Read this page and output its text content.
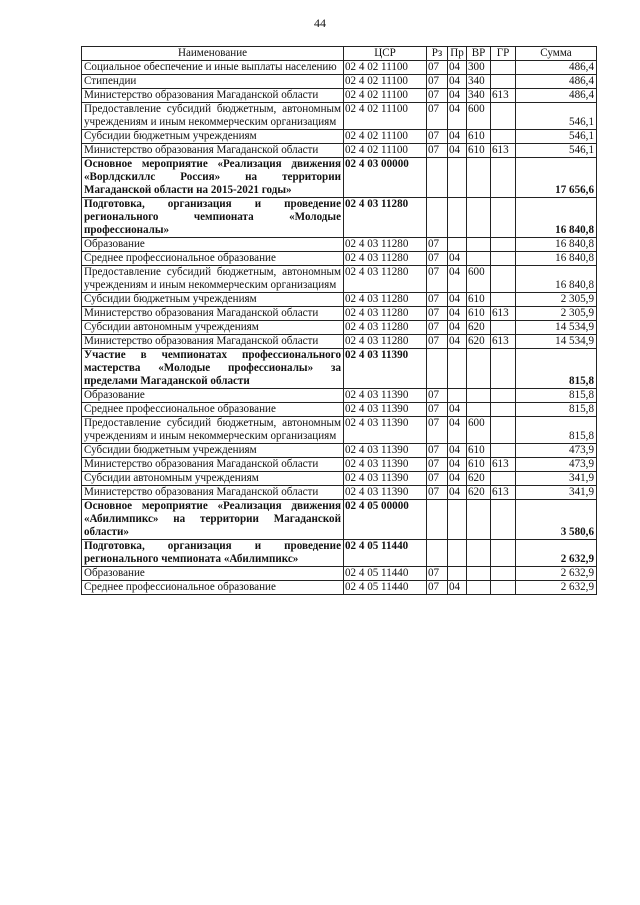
44
Наименование	ЦСР	Рз	Пр	ВР	ГР	Сумма
Социальное обеспечение и иные выплаты населению	02 4 02 11100	07	04	300		486,4
Стипендии	02 4 02 11100	07	04	340		486,4
Министерство образования Магаданской области	02 4 02 11100	07	04	340	613	486,4
Предоставление субсидий бюджетным, автономным учреждениям и иным некоммерческим организациям	02 4 02 11100	07	04	600		546,1
Субсидии бюджетным учреждениям	02 4 02 11100	07	04	610		546,1
Министерство образования Магаданской области	02 4 02 11100	07	04	610	613	546,1
Основное мероприятие «Реализация движения «Ворлдскиллс Россия» на территории Магаданской области на 2015-2021 годы»	02 4 03 00000					17 656,6
Подготовка, организация и проведение регионального чемпионата «Молодые профессионалы»	02 4 03 11280					16 840,8
Образование	02 4 03 11280	07				16 840,8
Среднее профессиональное образование	02 4 03 11280	07	04			16 840,8
Предоставление субсидий бюджетным, автономным учреждениям и иным некоммерческим организациям	02 4 03 11280	07	04	600		16 840,8
Субсидии бюджетным учреждениям	02 4 03 11280	07	04	610		2 305,9
Министерство образования Магаданской области	02 4 03 11280	07	04	610	613	2 305,9
Субсидии автономным учреждениям	02 4 03 11280	07	04	620		14 534,9
Министерство образования Магаданской области	02 4 03 11280	07	04	620	613	14 534,9
Участие в чемпионатах профессионального мастерства «Молодые профессионалы» за пределами Магаданской области	02 4 03 11390					815,8
Образование	02 4 03 11390	07				815,8
Среднее профессиональное образование	02 4 03 11390	07	04			815,8
Предоставление субсидий бюджетным, автономным учреждениям и иным некоммерческим организациям	02 4 03 11390	07	04	600		815,8
Субсидии бюджетным учреждениям	02 4 03 11390	07	04	610		473,9
Министерство образования Магаданской области	02 4 03 11390	07	04	610	613	473,9
Субсидии автономным учреждениям	02 4 03 11390	07	04	620		341,9
Министерство образования Магаданской области	02 4 03 11390	07	04	620	613	341,9
Основное мероприятие «Реализация движения «Абилимпикс» на территории Магаданской области»	02 4 05 00000					3 580,6
Подготовка, организация и проведение регионального чемпионата «Абилимпикс»	02 4 05 11440					2 632,9
Образование	02 4 05 11440	07				2 632,9
Среднее профессиональное образование	02 4 05 11440	07	04			2 632,9
